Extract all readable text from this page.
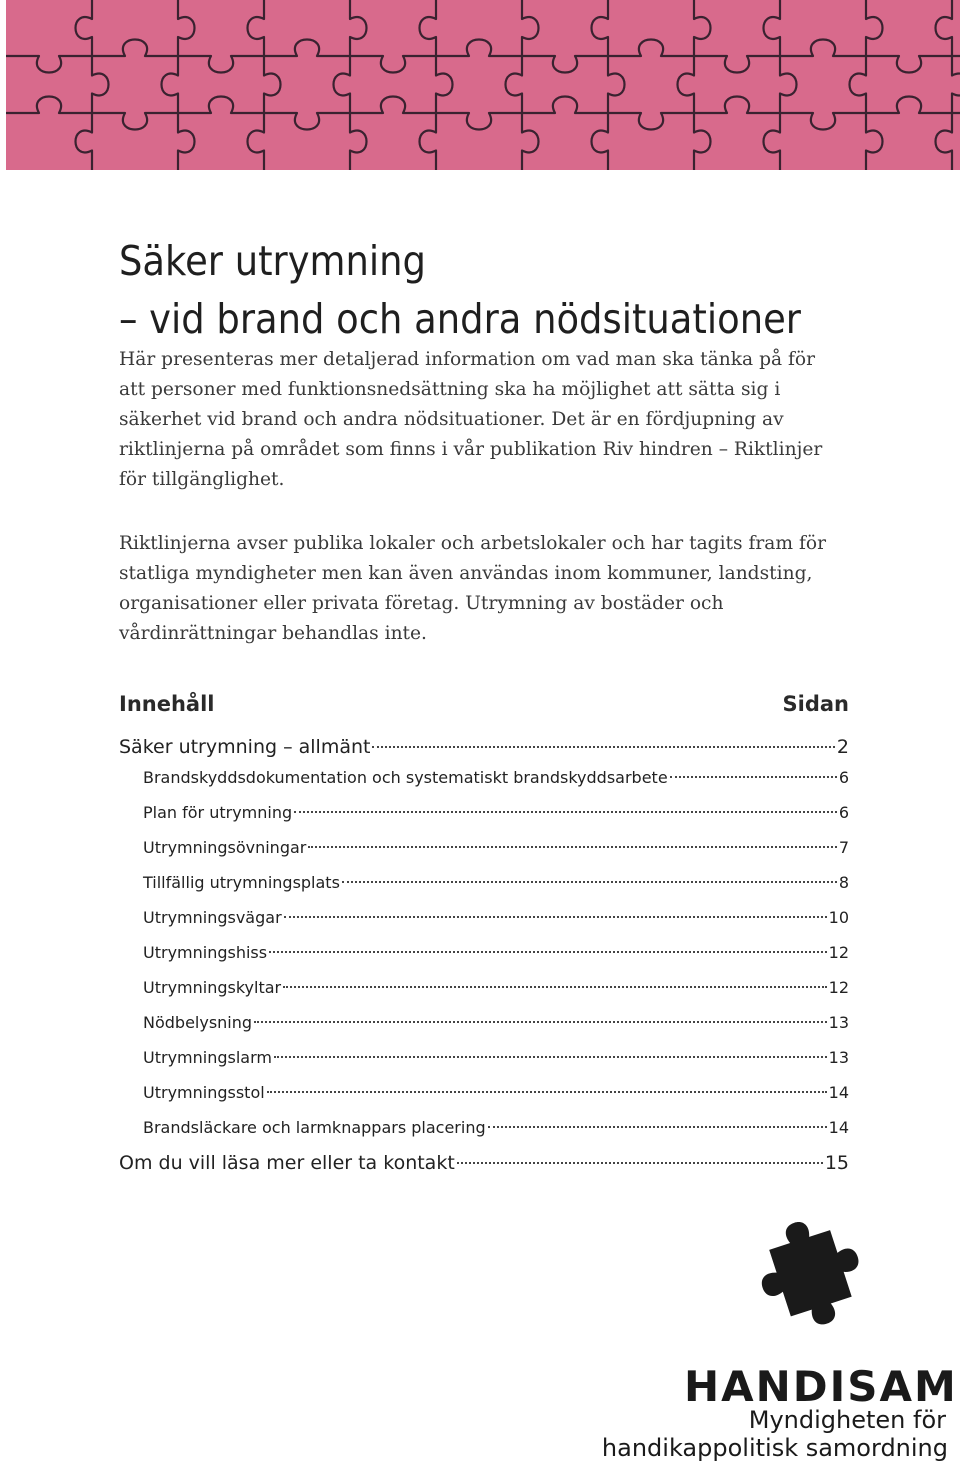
Säker utrymning
– vid brand och andra nödsituationer
Här presenteras mer detaljerad information om vad man ska tänka på för att personer med funktionsnedsättning ska ha möjlighet att sätta sig i säkerhet vid brand och andra nödsituationer. Det är en fördjupning av riktlinjerna på området som finns i vår publikation Riv hindren – Riktlinjer för tillgänglighet.
Riktlinjerna avser publika lokaler och arbetslokaler och har tagits fram för statliga myndigheter men kan även användas inom kommuner, landsting, organisationer eller privata företag. Utrymning av bostäder och vårdinrättningar behandlas inte.
Innehåll	Sidan
Säker utrymning – allmänt	2
Brandskyddsdokumentation och systematiskt brandskyddsarbete	6
Plan för utrymning	6
Utrymningsövningar	7
Tillfällig utrymningsplats	8
Utrymningsvägar	10
Utrymningshiss	12
Utrymningskyltar	12
Nödbelysning	13
Utrymningslarm	13
Utrymningsstol	14
Brandsläckare och larmknappars placering	14
Om du vill läsa mer eller ta kontakt	15
HANDISAM
Myndigheten för
handikappolitisk samordning
